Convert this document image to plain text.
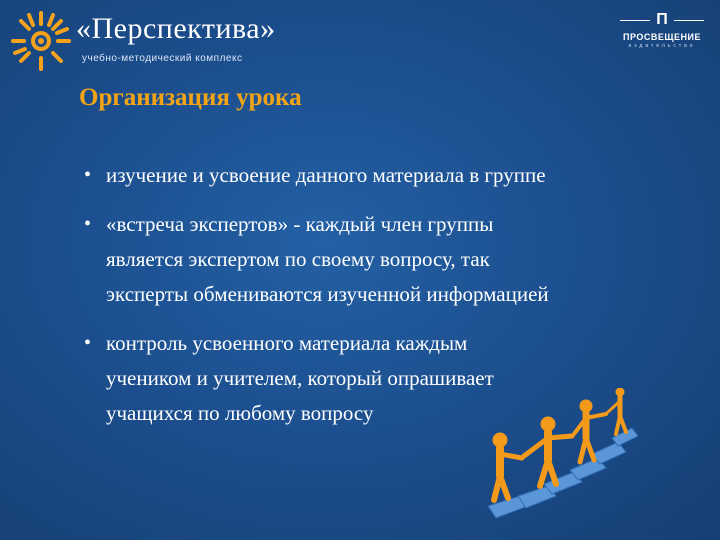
«Перспектива»
учебно-методический комплекс
П
ПРОСВЕЩЕНИЕ
издательство
Организация урока
• изучение и усвоение данного материала в группе
• «встреча экспертов» - каждый член группы
является экспертом по своему вопросу, так
эксперты обмениваются изученной информацией
• контроль усвоенного материала каждым
учеником и учителем, который опрашивает
учащихся по любому вопросу
